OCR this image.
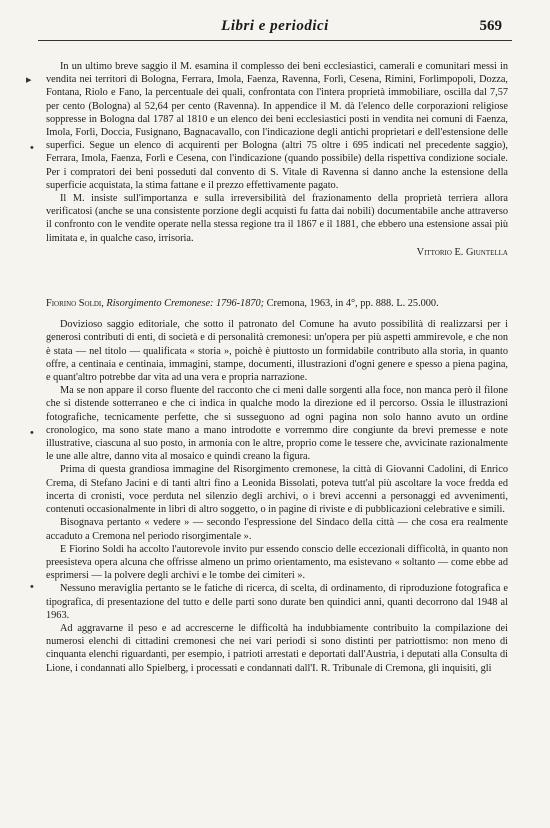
Libri e periodici	569

In un ultimo breve saggio il M. esamina il complesso dei beni ecclesiastici, camerali e comunitari messi in vendita nei territori di Bologna, Ferrara, Imola, Faenza, Ravenna, Forlì, Cesena, Rimini, Forlimpopoli, Dozza, Fontana, Riolo e Fano, la percentuale dei quali, confrontata con l'intera proprietà immobiliare, oscilla dal 7,57 per cento (Bologna) al 52,64 per cento (Ravenna). In appendice il M. dà l'elenco delle corporazioni religiose soppresse in Bologna dal 1787 al 1810 e un elenco dei beni ecclesiastici posti in vendita nei comuni di Faenza, Imola, Forlì, Doccia, Fusignano, Bagnacavallo, con l'indicazione degli antichi proprietari e dell'estensione delle superfici. Segue un elenco di acquirenti per Bologna (altri 75 oltre i 695 indicati nel precedente saggio), Ferrara, Imola, Faenza, Forlì e Cesena, con l'indicazione (quando possibile) della rispettiva condizione sociale. Per i compratori dei beni posseduti dal convento di S. Vitale di Ravenna si danno anche la estensione della superficie acquistata, la stima fattane e il prezzo effettivamente pagato.

Il M. insiste sull'importanza e sulla irreversibilità del frazionamento della proprietà terriera allora verificatosi (anche se una consistente porzione degli acquisti fu fatta dai nobili) documentabile anche attraverso il confronto con le vendite operate nella stessa regione tra il 1867 e il 1881, che ebbero una estensione assai più limitata e, in qualche caso, irrisoria.

Vittorio E. Giuntella

Fiorino Soldi, Risorgimento Cremonese: 1796-1870; Cremona, 1963, in 4°, pp. 888. L. 25.000.

Dovizioso saggio editoriale, che sotto il patronato del Comune ha avuto possibilità di realizzarsi per i generosi contributi di enti, di società e di personalità cremonesi: un'opera per più aspetti ammirevole, e che non è stata — nel titolo — qualificata « storia », poichè è piuttosto un formidabile contributo alla storia, in quanto offre, a centinaia e centinaia, immagini, stampe, documenti, illustrazioni d'ogni genere e spesso a piena pagina, e quant'altro potrebbe dar vita ad una vera e propria narrazione.

Ma se non appare il corso fluente del racconto che ci meni dalle sorgenti alla foce, non manca però il filone che si distende sotterraneo e che ci indica in qualche modo la direzione ed il percorso. Ossia le illustrazioni fotografiche, tecnicamente perfette, che si susseguono ad ogni pagina non solo hanno avuto un ordine cronologico, ma sono state mano a mano introdotte e vorremmo dire congiunte da brevi premesse e note illustrative, ciascuna al suo posto, in armonia con le altre, proprio come le tessere che, avvicinate razionalmente le une alle altre, danno vita al mosaico e quindi creano la figura.

Prima di questa grandiosa immagine del Risorgimento cremonese, la città di Giovanni Cadolini, di Enrico Crema, di Stefano Jacini e di tanti altri fino a Leonida Bissolati, poteva tutt'al più ascoltare la voce fredda ed incerta di cronisti, voce perduta nel silenzio degli archivi, o i brevi accenni a personaggi ed avvenimenti, contenuti occasionalmente in libri di altro soggetto, o in pagine di riviste e di pubblicazioni celebrative e simili.

Bisognava pertanto « vedere » — secondo l'espressione del Sindaco della città — che cosa era realmente accaduto a Cremona nel periodo risorgimentale ».

E Fiorino Soldi ha accolto l'autorevole invito pur essendo conscio delle eccezionali difficoltà, in quanto non preesisteva opera alcuna che offrisse almeno un primo orientamento, ma esistevano « soltanto — come ebbe ad esprimersi — la polvere degli archivi e le tombe dei cimiteri ».

Nessuno meraviglia pertanto se le fatiche di ricerca, di scelta, di ordinamento, di riproduzione fotografica e tipografica, di presentazione del tutto e delle parti sono durate ben quindici anni, quanti decorrono dal 1948 al 1963.

Ad aggravarne il peso e ad accrescerne le difficoltà ha indubbiamente contribuito la compilazione dei numerosi elenchi di cittadini cremonesi che nei vari periodi si sono distinti per patriottismo: non meno di cinquanta elenchi riguardanti, per esempio, i patrioti arrestati e deportati dall'Austria, i deputati alla Consulta di Lione, i condannati allo Spielberg, i processati e condannati dall'I. R. Tribunale di Cremona, gli inquisiti, gli

▸
•
•
•
